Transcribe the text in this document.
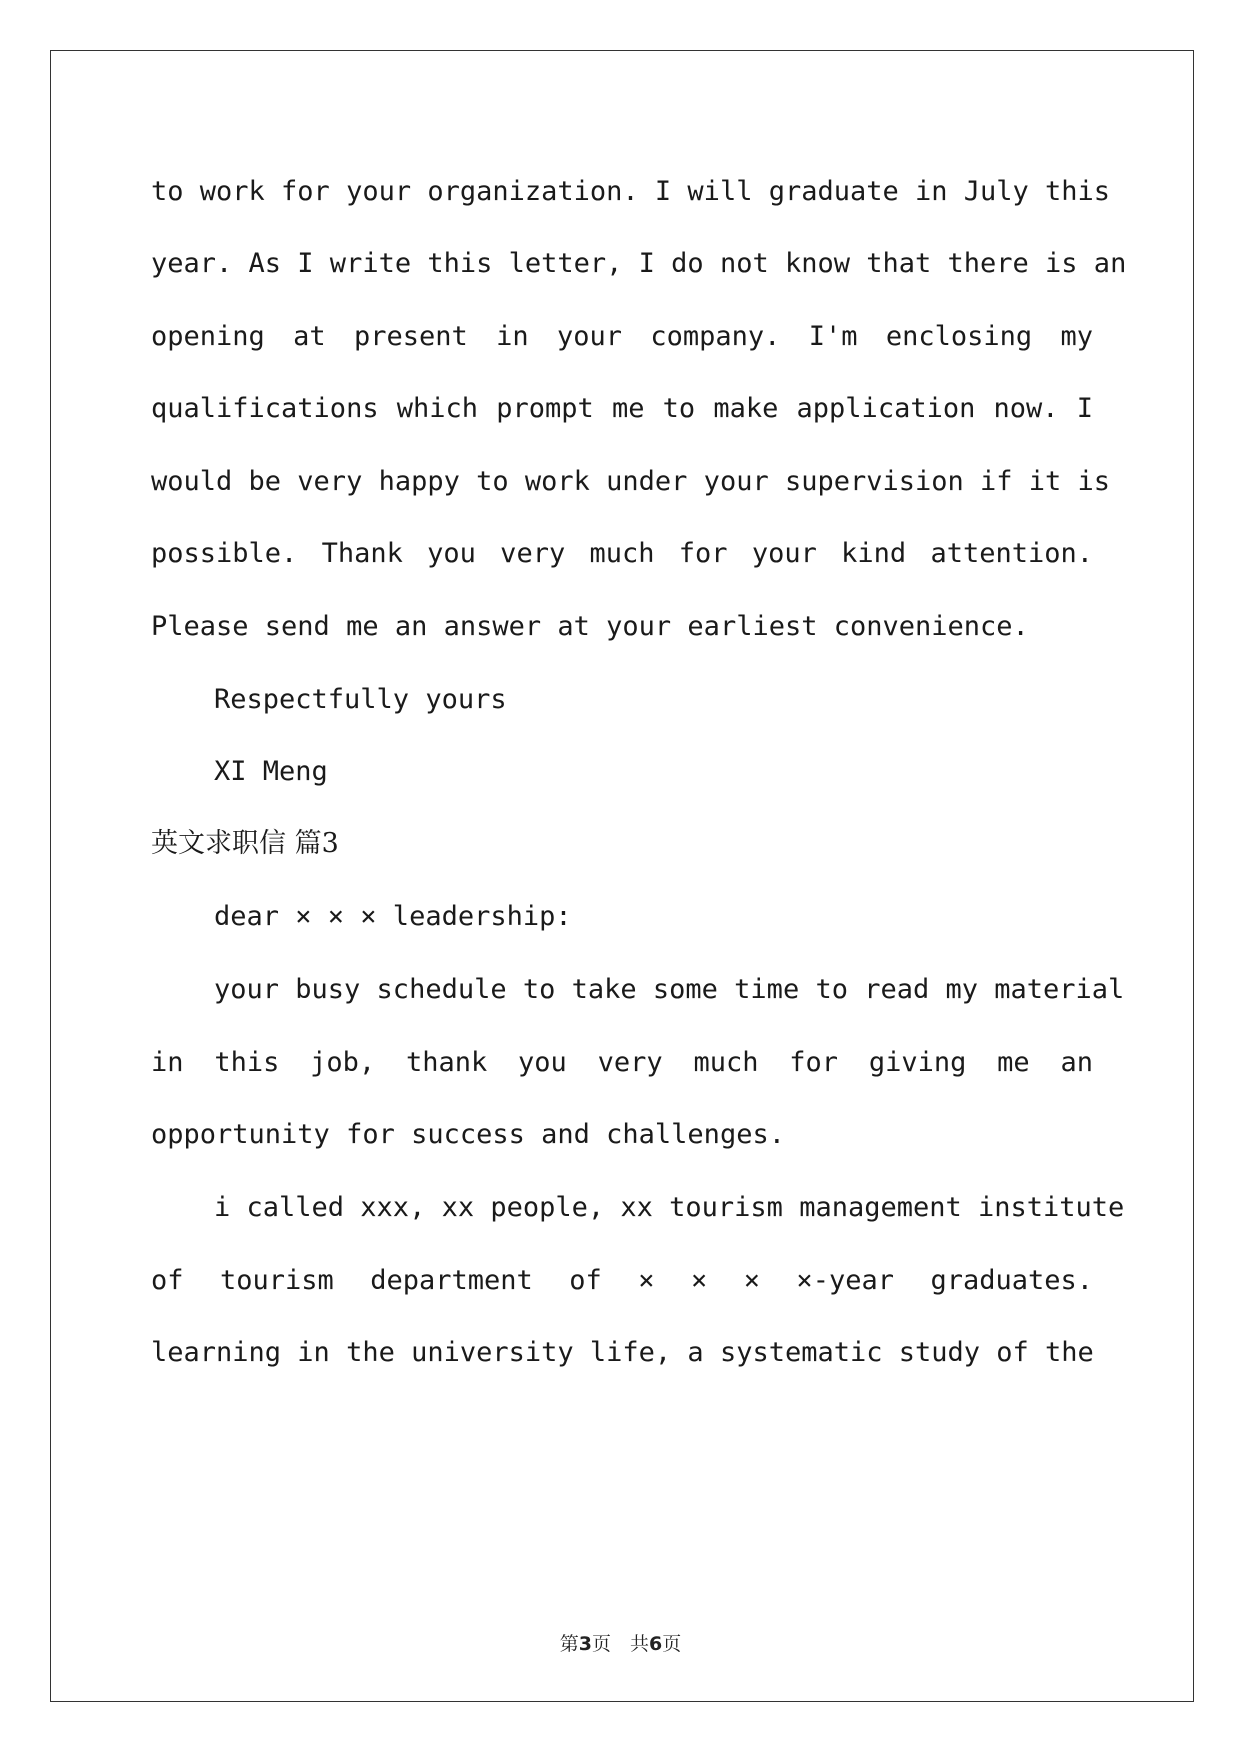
to work for your organization. I will graduate in July this
year. As I write this letter, I do not know that there is an
opening at present in your company. I'm enclosing my
qualifications which prompt me to make application now. I
would be very happy to work under your supervision if it is
possible. Thank you very much for your kind attention.
Please send me an answer at your earliest convenience.
Respectfully yours
XI Meng
英文求职信 篇3
dear × × × leadership:
your busy schedule to take some time to read my material
in this job, thank you very much for giving me an
opportunity for success and challenges.
i called xxx, xx people, xx tourism management institute
of tourism department of × × × ×-year graduates.
learning in the university life, a systematic study of the
第3页　共6页
